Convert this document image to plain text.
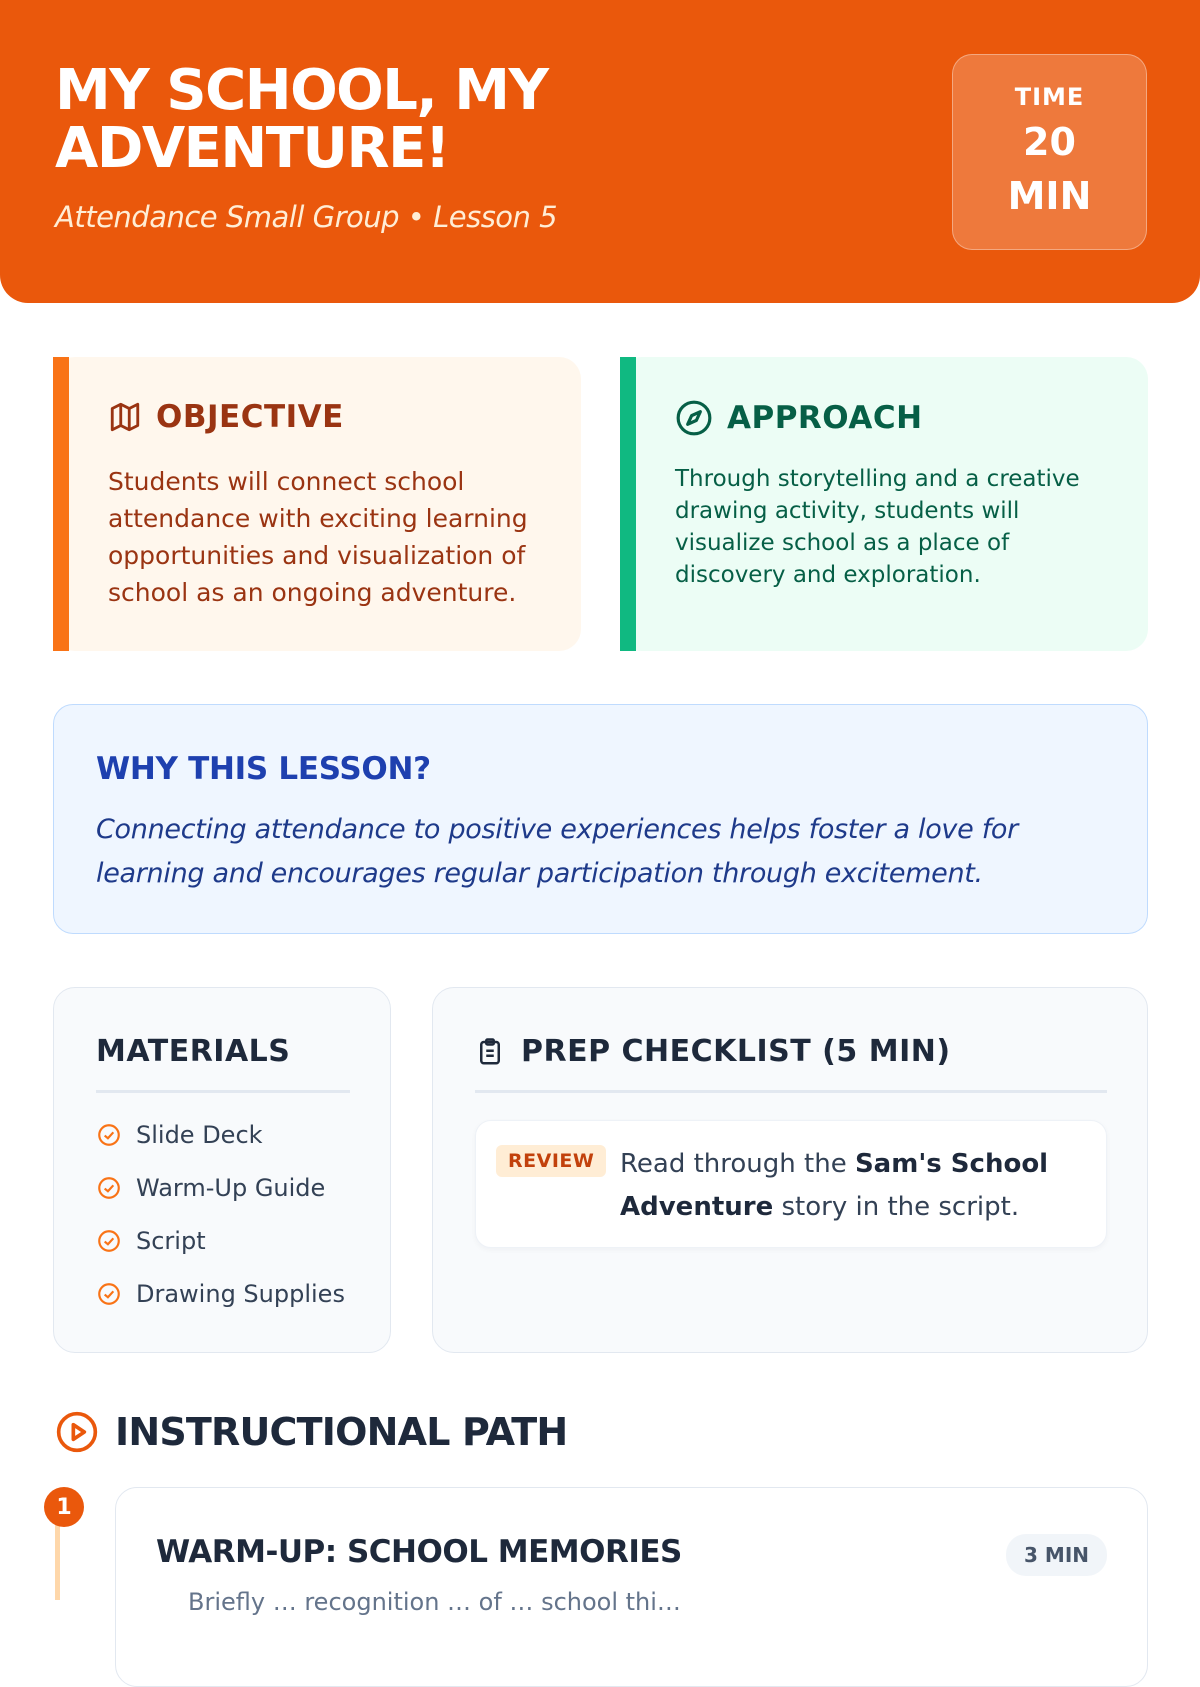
MY SCHOOL, MY ADVENTURE!
Attendance Small Group • Lesson 5
TIME
20 MIN
OBJECTIVE

Students will connect school attendance with exciting learning opportunities and visualization of school as an ongoing adventure.

APPROACH

Through storytelling and a creative drawing activity, students will visualize school as a place of discovery and exploration.

WHY THIS LESSON?

Connecting attendance to positive experiences helps foster a love for learning and encourages regular participation through excitement.

MATERIALS
Slide Deck
Warm-Up Guide
Script
Drawing Supplies
PREP CHECKLIST (5 MIN)
REVIEW Read through the Sam's School Adventure story in the script.

INSTRUCTIONAL PATH
1
WARM-UP: SCHOOL MEMORIES	3 MIN
Briefly … recognition … of … school thi…
